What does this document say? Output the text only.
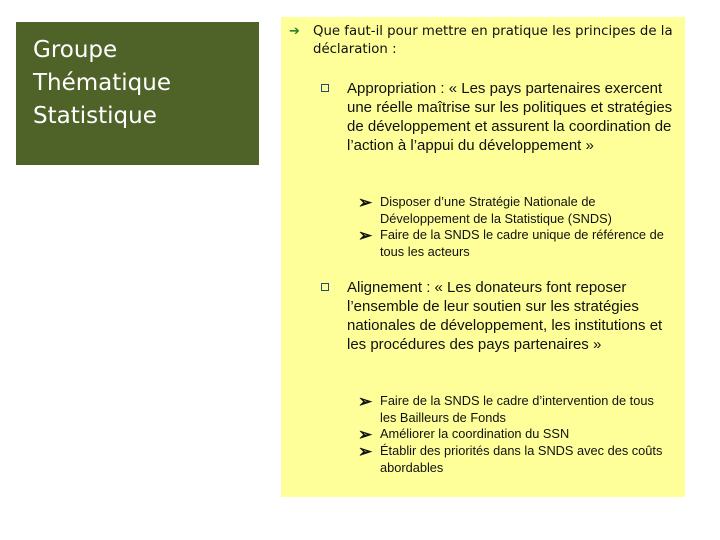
Groupe
Thématique
Statistique

➔ Que faut-il pour mettre en pratique les principes de la déclaration :
Appropriation : « Les pays partenaires exercent une réelle maîtrise sur les politiques et stratégies de développement et assurent la coordination de l’action à l’appui du développement »
➢ Disposer d’une Stratégie Nationale de Développement de la Statistique (SNDS)
➢ Faire de la SNDS le cadre unique de référence de tous les acteurs
Alignement : « Les donateurs font reposer l’ensemble de leur soutien sur les stratégies nationales de développement, les institutions et les procédures des pays partenaires »
➢ Faire de la SNDS le cadre d’intervention de tous les Bailleurs de Fonds
➢ Améliorer la coordination du SSN
➢ Établir des priorités dans la SNDS avec des coûts abordables
